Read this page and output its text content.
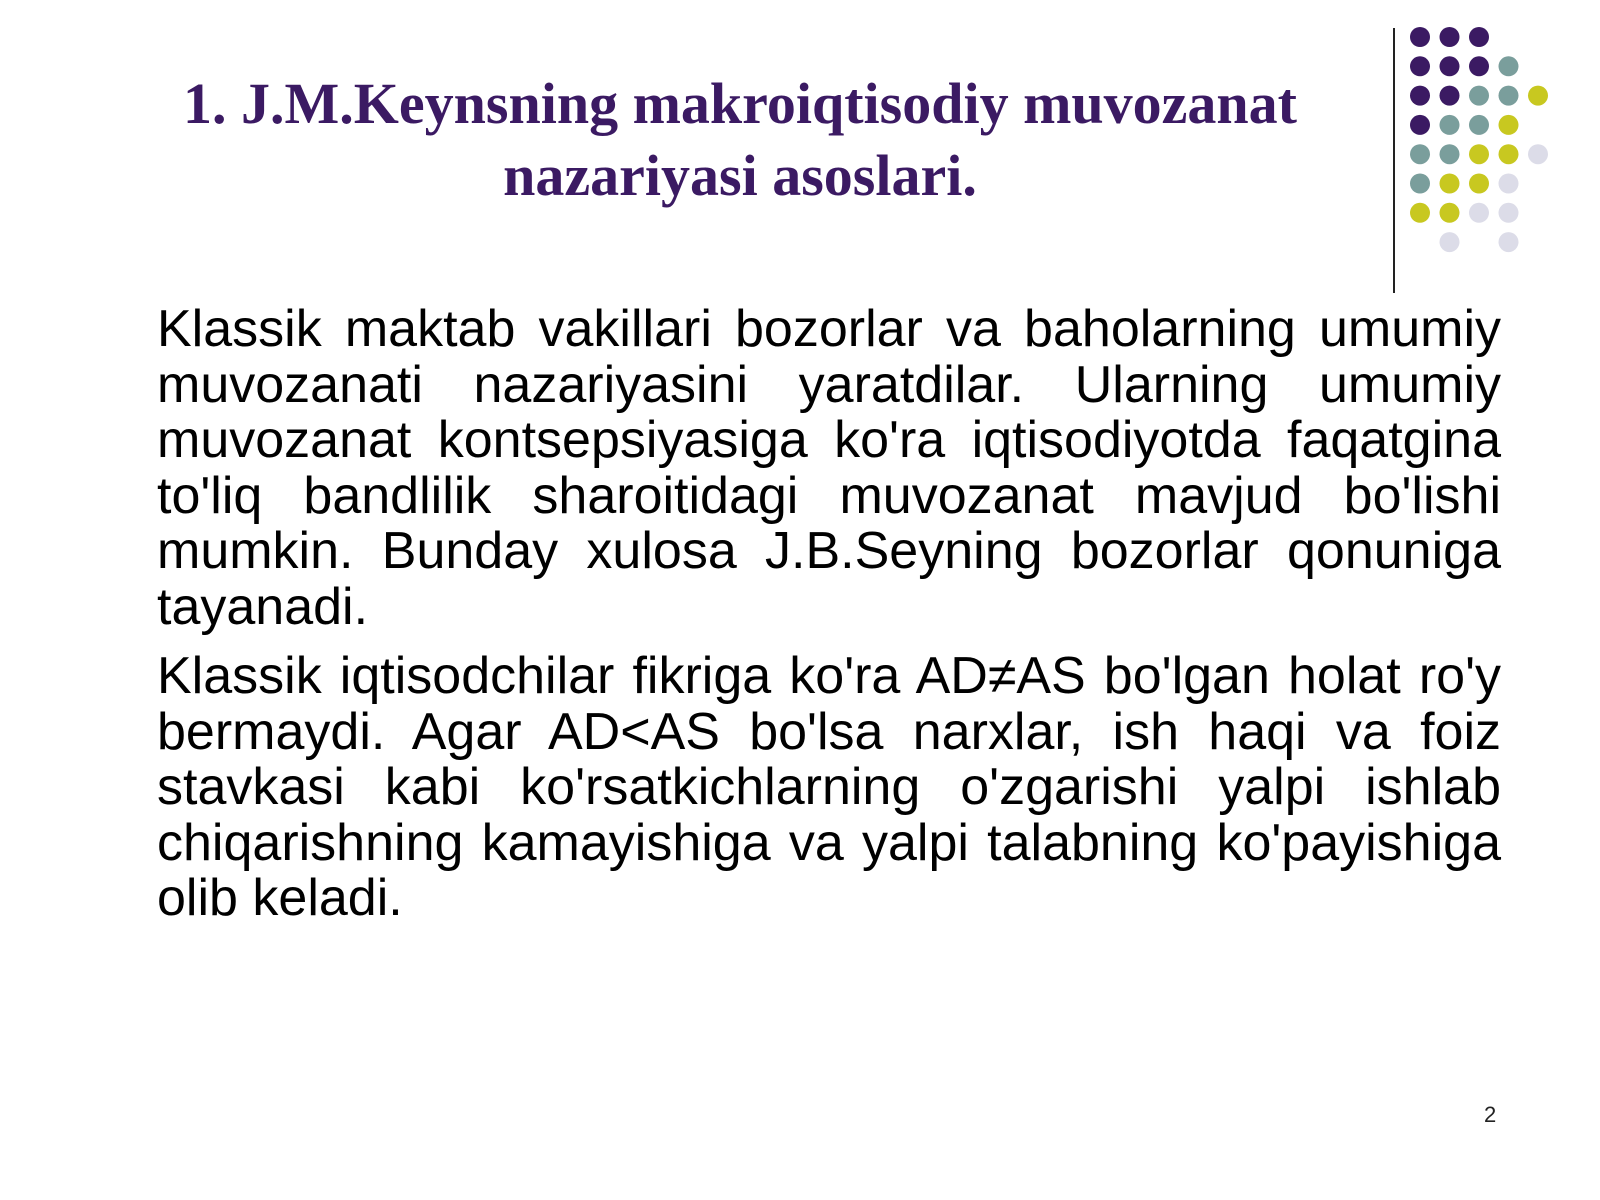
1. J.M.Keynsning makroiqtisodiy muvozanat nazariyasi asoslari.

Klassik maktab vakillari bozorlar va baholarning umumiy muvozanati nazariyasini yaratdilar. Ularning umumiy muvozanat kontsepsiyasiga ko'ra iqtisodiyotda faqatgina to'liq bandlilik sharoitidagi muvozanat mavjud bo'lishi mumkin. Bunday xulosa J.B.Seyning bozorlar qonuniga tayanadi.

Klassik iqtisodchilar fikriga ko'ra AD≠AS bo'lgan holat ro'y bermaydi. Agar AD<AS bo'lsa narxlar, ish haqi va foiz stavkasi kabi ko'rsatkichlarning o'zgarishi yalpi ishlab chiqarishning kamayishiga va yalpi talabning ko'payishiga olib keladi.

2
